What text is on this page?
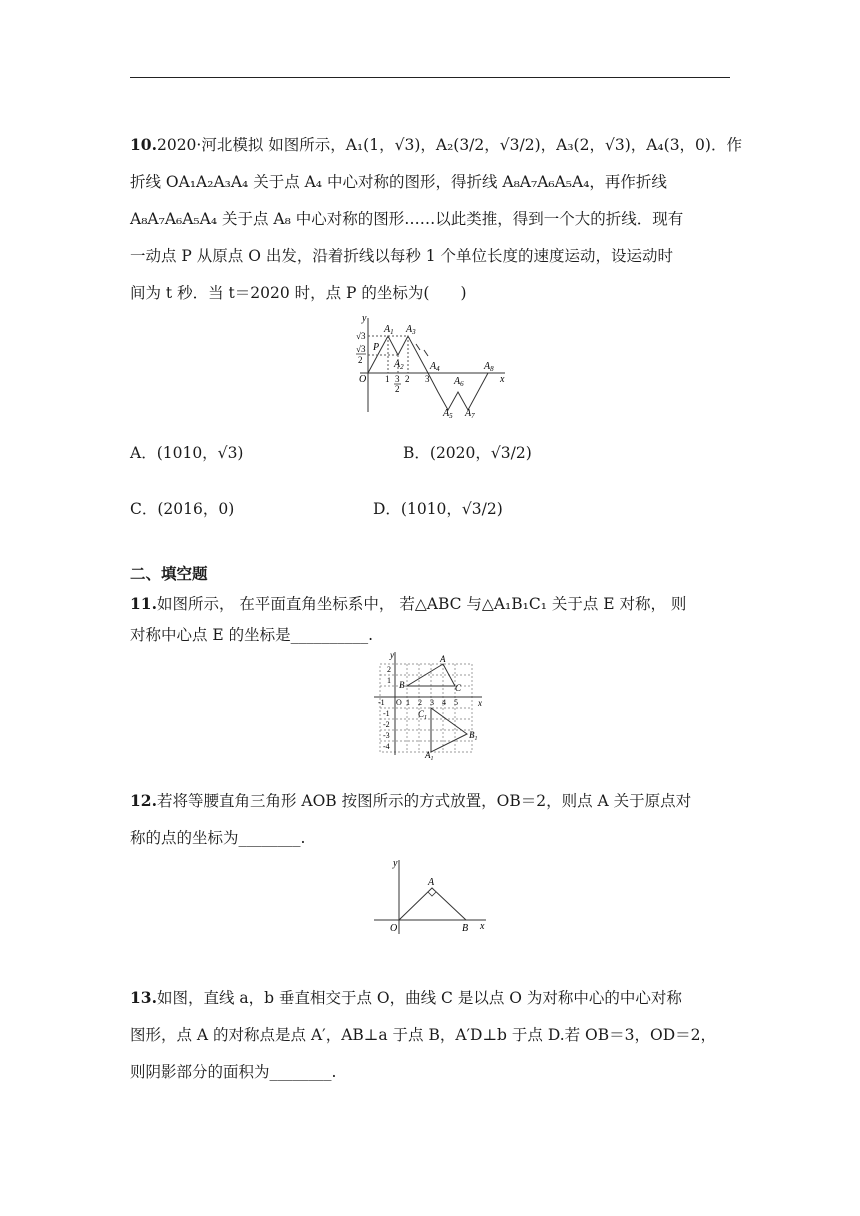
10.2020·河北模拟 如图所示，A₁(1，√3)，A₂(3/2，√3/2)，A₃(2，√3)，A₄(3，0)．作
折线 OA₁A₂A₃A₄ 关于点 A₄ 中心对称的图形，得折线 A₈A₇A₆A₅A₄，再作折线
A₈A₇A₆A₅A₄ 关于点 A₈ 中心对称的图形……以此类推，得到一个大的折线．现有
一动点 P 从原点 O 出发，沿着折线以每秒 1 个单位长度的速度运动，设运动时
间为 t 秒．当 t＝2020 时，点 P 的坐标为(　　)
y
x
O
P
$A_1$
$A_2$
$A_3$
$A_4$
$A_5$
$A_6$
$A_7$
$A_8$
1 3
2
2 3
√3
√3
2
A．(1010，√3)	B．(2020，√3/2)
C．(2016，0)	D．(1010，√3/2)
二、填空题
11.如图所示， 在平面直角坐标系中， 若△ABC 与△A₁B₁C₁ 关于点 E 对称， 则
对称中心点 E 的坐标是__________.
y
x
A
B	C
$A_1$
$B_1$
$C_1$
O
-1	1 2 3 4 5
2
1
-1
-2
-3
-4
12.若将等腰直角三角形 AOB 按图所示的方式放置，OB＝2，则点 A 关于原点对
称的点的坐标为________.
y
x
O
A
B
13.如图，直线 a，b 垂直相交于点 O，曲线 C 是以点 O 为对称中心的中心对称
图形，点 A 的对称点是点 A′，AB⊥a 于点 B，A′D⊥b 于点 D.若 OB＝3，OD＝2，
则阴影部分的面积为________.
